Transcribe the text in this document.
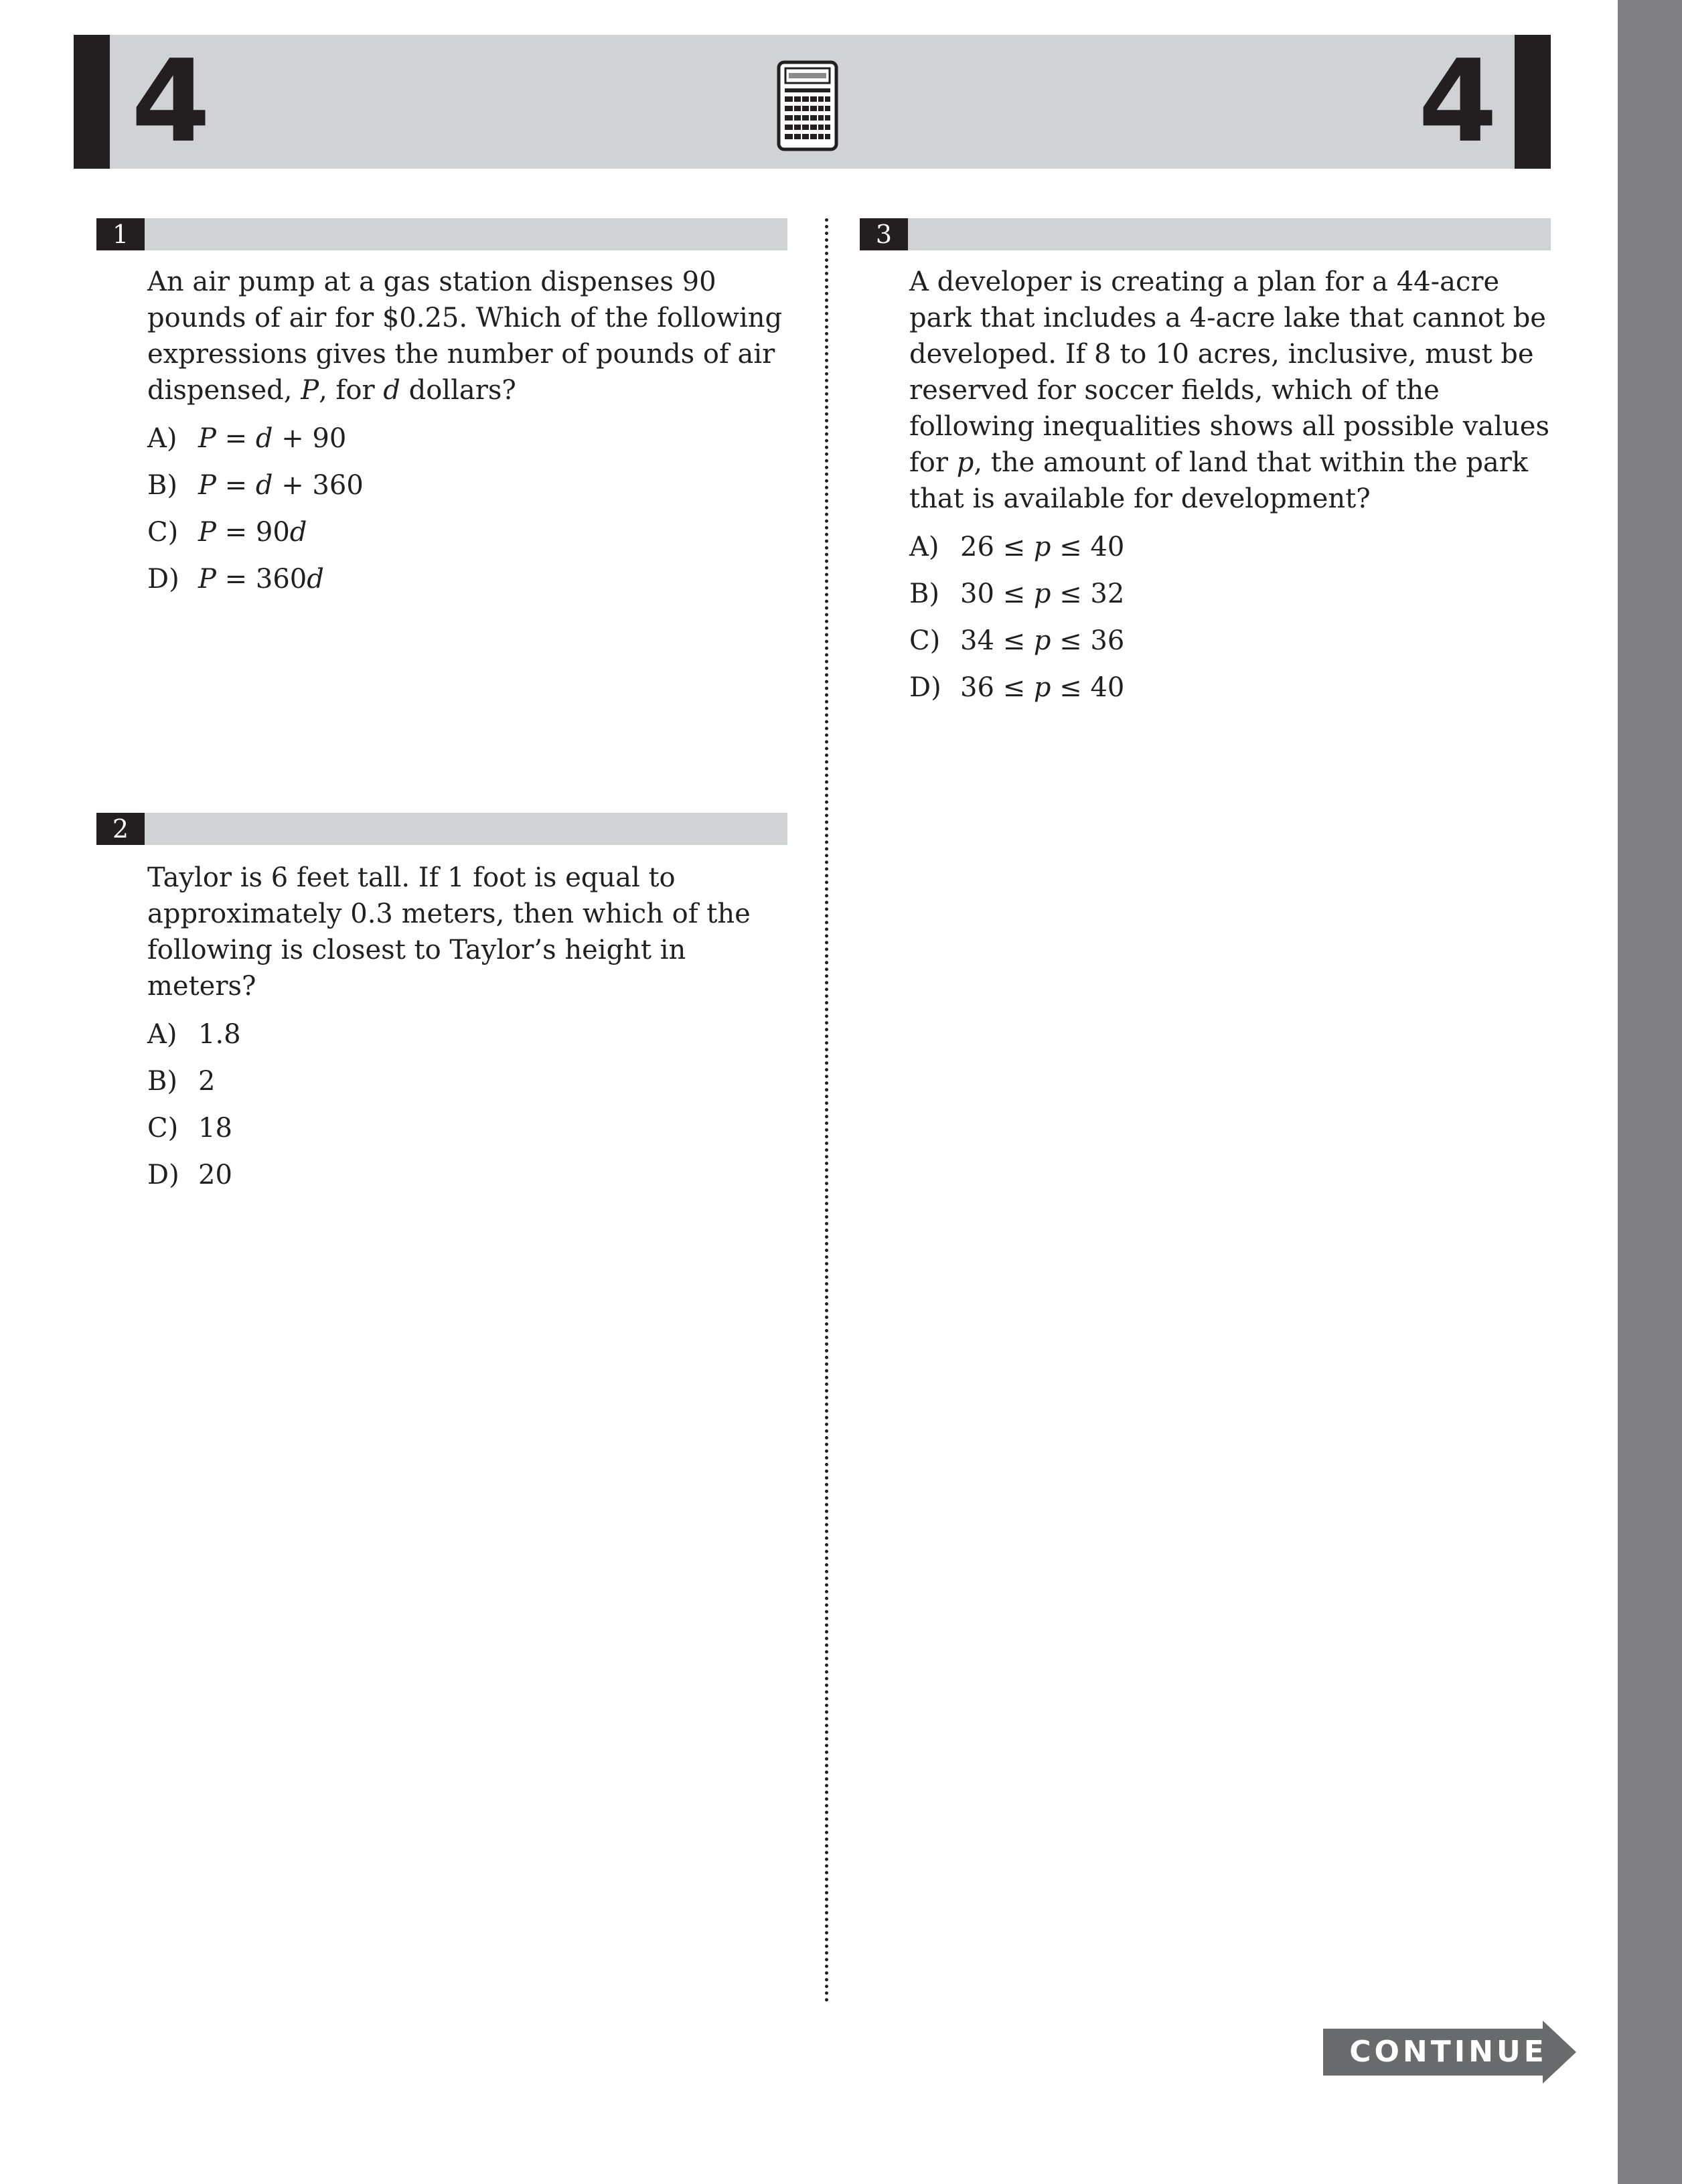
4	4
1

An air pump at a gas station dispenses 90 pounds of air for $0.25. Which of the following expressions gives the number of pounds of air dispensed, P, for d dollars?

A) P = d + 90
B) P = d + 360
C) P = 90d
D) P = 360d
2

Taylor is 6 feet tall. If 1 foot is equal to approximately 0.3 meters, then which of the following is closest to Taylor’s height in meters?

A) 1.8
B) 2
C) 18
D) 20
3

A developer is creating a plan for a 44-acre park that includes a 4-acre lake that cannot be developed. If 8 to 10 acres, inclusive, must be reserved for soccer fields, which of the following inequalities shows all possible values for p, the amount of land that within the park that is available for development?

A) 26 ≤ p ≤ 40
B) 30 ≤ p ≤ 32
C) 34 ≤ p ≤ 36
D) 36 ≤ p ≤ 40
CONTINUE
